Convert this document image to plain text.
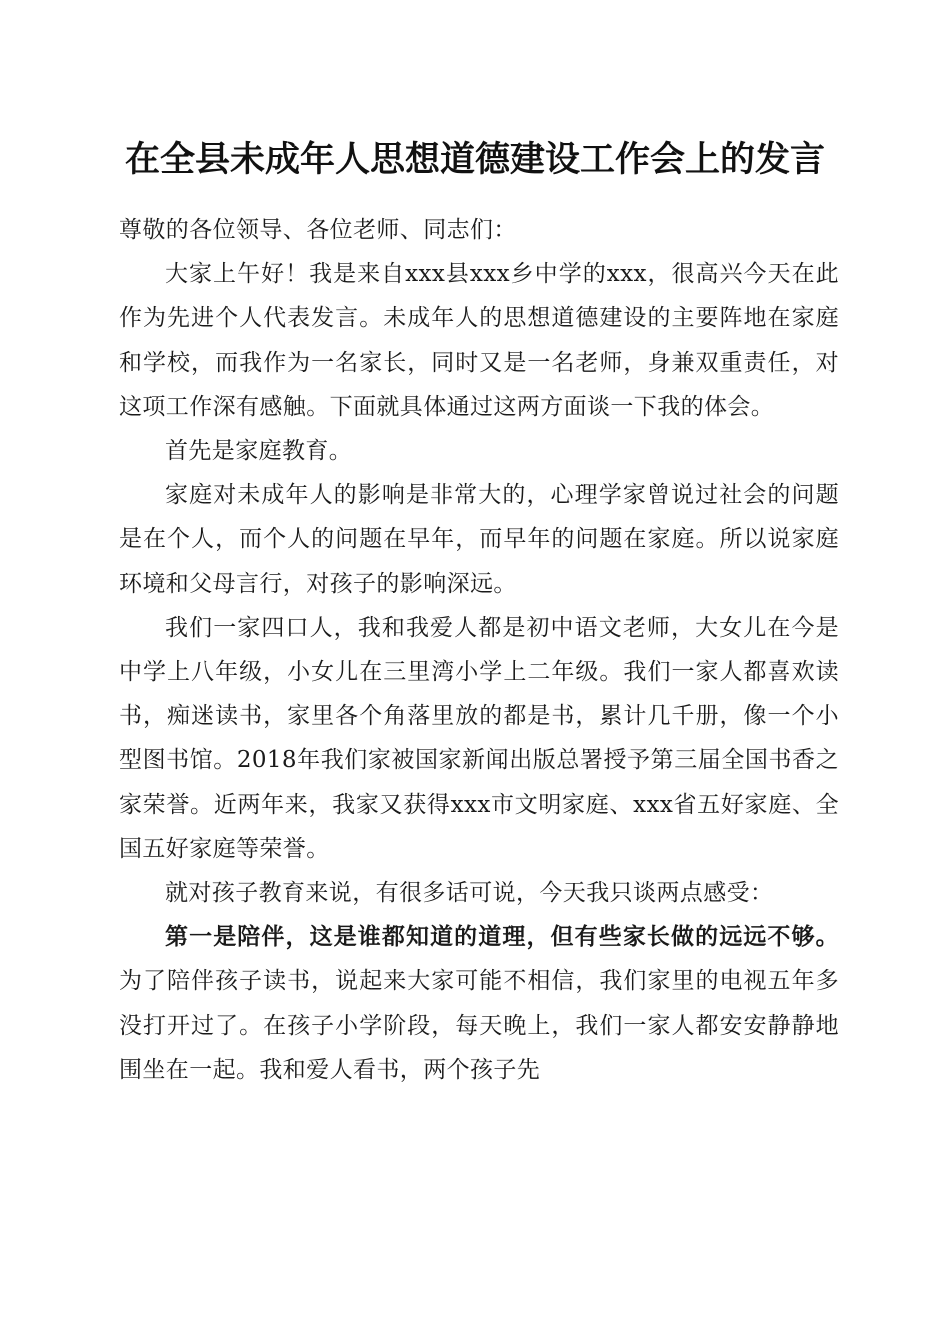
在全县未成年人思想道德建设工作会上的发言

尊敬的各位领导、各位老师、同志们：

大家上午好！我是来自xxx县xxx乡中学的xxx，很高兴今天在此作为先进个人代表发言。未成年人的思想道德建设的主要阵地在家庭和学校，而我作为一名家长，同时又是一名老师，身兼双重责任，对这项工作深有感触。下面就具体通过这两方面谈一下我的体会。

首先是家庭教育。

家庭对未成年人的影响是非常大的，心理学家曾说过社会的问题是在个人，而个人的问题在早年，而早年的问题在家庭。所以说家庭环境和父母言行，对孩子的影响深远。

我们一家四口人，我和我爱人都是初中语文老师，大女儿在今是中学上八年级，小女儿在三里湾小学上二年级。我们一家人都喜欢读书，痴迷读书，家里各个角落里放的都是书，累计几千册，像一个小型图书馆。2018年我们家被国家新闻出版总署授予第三届全国书香之家荣誉。近两年来，我家又获得xxx市文明家庭、xxx省五好家庭、全国五好家庭等荣誉。

就对孩子教育来说，有很多话可说，今天我只谈两点感受：

第一是陪伴，这是谁都知道的道理，但有些家长做的远远不够。为了陪伴孩子读书，说起来大家可能不相信，我们家里的电视五年多没打开过了。在孩子小学阶段，每天晚上，我们一家人都安安静静地围坐在一起。我和爱人看书，两个孩子先
